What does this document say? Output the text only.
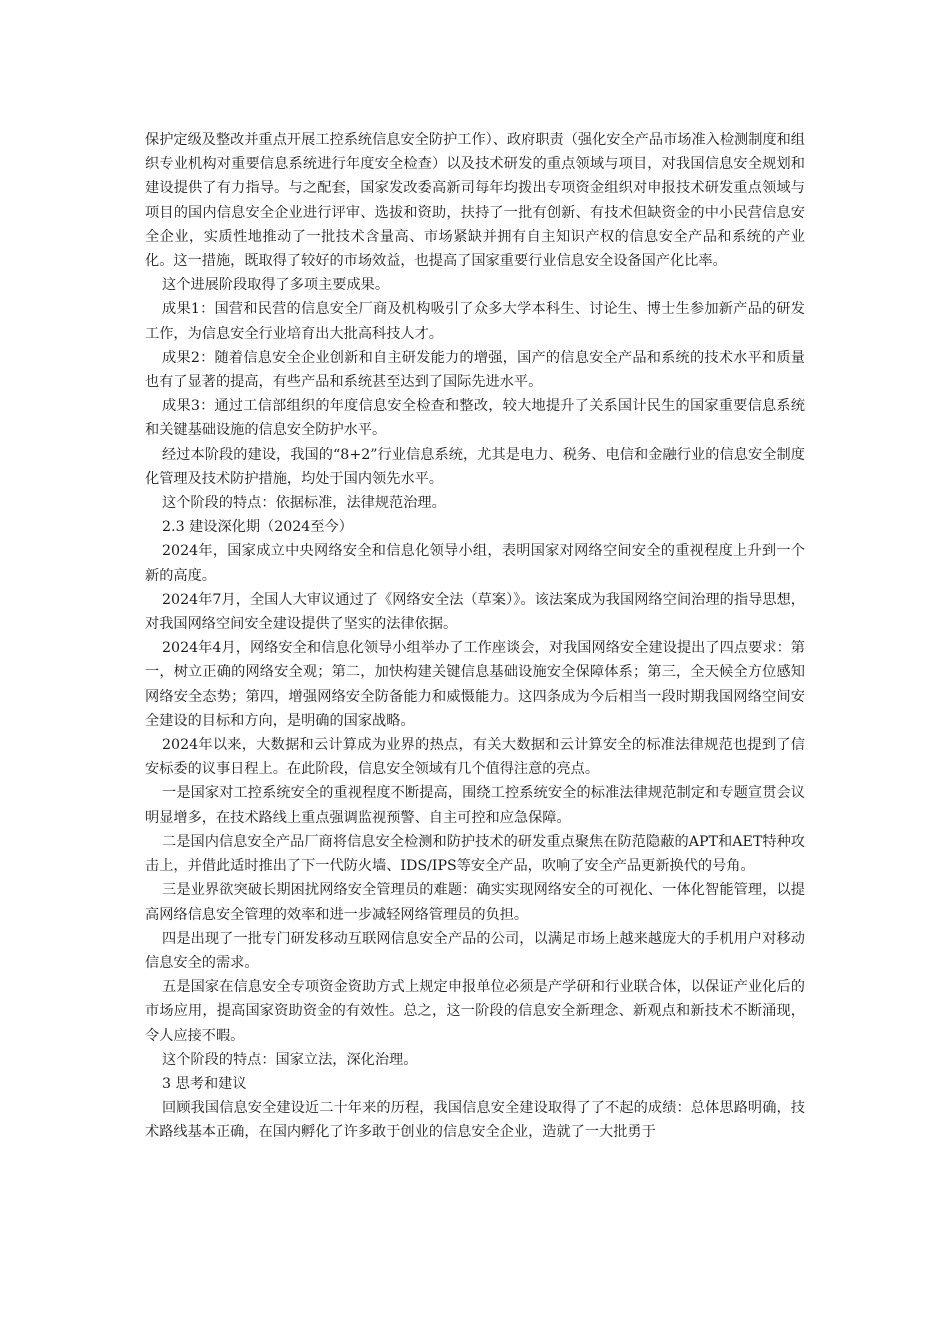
保护定级及整改并重点开展工控系统信息安全防护工作）、政府职责（强化安全产品市场准入检测制度和组织专业机构对重要信息系统进行年度安全检查）以及技术研发的重点领域与项目，对我国信息安全规划和建设提供了有力指导。与之配套，国家发改委高新司每年均拨出专项资金组织对申报技术研发重点领域与项目的国内信息安全企业进行评审、选拔和资助，扶持了一批有创新、有技术但缺资金的中小民营信息安全企业，实质性地推动了一批技术含量高、市场紧缺并拥有自主知识产权的信息安全产品和系统的产业化。这一措施，既取得了较好的市场效益，也提高了国家重要行业信息安全设备国产化比率。

这个进展阶段取得了多项主要成果。

成果1：国营和民营的信息安全厂商及机构吸引了众多大学本科生、讨论生、博士生参加新产品的研发工作，为信息安全行业培育出大批高科技人才。

成果2：随着信息安全企业创新和自主研发能力的增强，国产的信息安全产品和系统的技术水平和质量也有了显著的提高，有些产品和系统甚至达到了国际先进水平。

成果3：通过工信部组织的年度信息安全检查和整改，较大地提升了关系国计民生的国家重要信息系统和关键基础设施的信息安全防护水平。

经过本阶段的建设，我国的“8+2”行业信息系统，尤其是电力、税务、电信和金融行业的信息安全制度化管理及技术防护措施，均处于国内领先水平。

这个阶段的特点：依据标准，法律规范治理。

2.3 建设深化期（2024至今）

2024年，国家成立中央网络安全和信息化领导小组，表明国家对网络空间安全的重视程度上升到一个新的高度。

2024年7月，全国人大审议通过了《网络安全法（草案）》。该法案成为我国网络空间治理的指导思想，对我国网络空间安全建设提供了坚实的法律依据。

2024年4月，网络安全和信息化领导小组举办了工作座谈会，对我国网络安全建设提出了四点要求：第一，树立正确的网络安全观；第二，加快构建关键信息基础设施安全保障体系；第三，全天候全方位感知网络安全态势；第四，增强网络安全防备能力和威慑能力。这四条成为今后相当一段时期我国网络空间安全建设的目标和方向，是明确的国家战略。

2024年以来，大数据和云计算成为业界的热点，有关大数据和云计算安全的标准法律规范也提到了信安标委的议事日程上。在此阶段，信息安全领域有几个值得注意的亮点。

一是国家对工控系统安全的重视程度不断提高，围绕工控系统安全的标准法律规范制定和专题宣贯会议明显增多，在技术路线上重点强调监视预警、自主可控和应急保障。

二是国内信息安全产品厂商将信息安全检测和防护技术的研发重点聚焦在防范隐蔽的APT和AET特种攻击上，并借此适时推出了下一代防火墙、IDS/IPS等安全产品，吹响了安全产品更新换代的号角。

三是业界欲突破长期困扰网络安全管理员的难题：确实实现网络安全的可视化、一体化智能管理，以提高网络信息安全管理的效率和进一步减轻网络管理员的负担。

四是出现了一批专门研发移动互联网信息安全产品的公司，以满足市场上越来越庞大的手机用户对移动信息安全的需求。

五是国家在信息安全专项资金资助方式上规定申报单位必须是产学研和行业联合体，以保证产业化后的市场应用，提高国家资助资金的有效性。总之，这一阶段的信息安全新理念、新观点和新技术不断涌现，令人应接不暇。

这个阶段的特点：国家立法，深化治理。

3 思考和建议

回顾我国信息安全建设近二十年来的历程，我国信息安全建设取得了了不起的成绩：总体思路明确，技术路线基本正确，在国内孵化了许多敢于创业的信息安全企业，造就了一大批勇于
